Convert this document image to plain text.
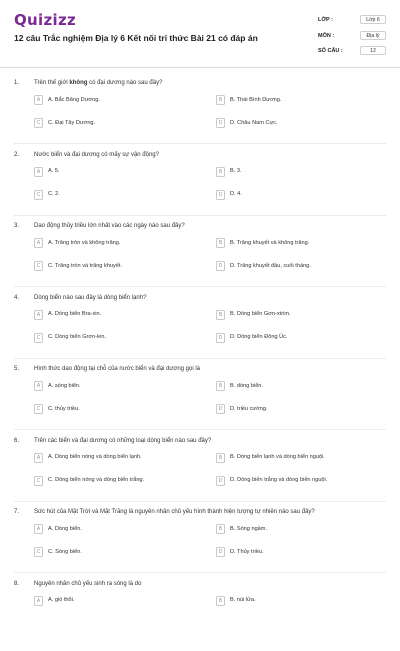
Quizizz
12 câu Trắc nghiệm Địa lý 6 Kết nối tri thức Bài 21 có đáp án
LỚP :	Lớp 6
MÔN :	Địa lý
SỐ CÂU :	12
1. Trên thế giới không có đại dương nào sau đây?
A	A. Bắc Băng Dương.	B	B. Thái Bình Dương.
C	C. Đại Tây Dương.	D	D. Châu Nam Cực.
2. Nước biển và đại dương có mấy sự vận động?
A	A. 5.	B	B. 3.
C	C. 2.	D	D. 4.
3. Dao động thủy triều lớn nhất vào các ngày nào sau đây?
A	A. Trăng tròn và không trăng.	B	B. Trăng khuyết và không trăng.
C	C. Trăng tròn và trăng khuyết.	D	D. Trăng khuyết đầu, cuối tháng.
4. Dòng biển nào sau đây là dòng biển lạnh?
A	A. Dòng biển Bra-xin.	B	B. Dòng biển Gơn-xtrim.
C	C. Dòng biển Grơn-len.	D	D. Dòng biển Đông Úc.
5. Hình thức dao động tại chỗ của nước biển và đại dương gọi là
A	A. sóng biển.	B	B. dòng biển.
C	C. thủy triều.	D	D. triều cường.
6. Trên các biển và đại dương có những loại dòng biển nào sau đây?
A	A. Dòng biển nóng và dòng biển lạnh.	B	B. Dòng biển lạnh và dòng biển nguội.
C	C. Dòng biển nóng và dòng biển trắng.	D	D. Dòng biển trắng và dòng biển nguội.
7. Sức hút của Mặt Trời và Mặt Trăng là nguyên nhân chủ yếu hình thành hiện tượng tự nhiên nào sau đây?
A	A. Dòng biển.	B	B. Sóng ngầm.
C	C. Sóng biển.	D	D. Thủy triều.
8. Nguyên nhân chủ yếu sinh ra sóng là do
A	A. gió thổi.	B	B. núi lửa.
